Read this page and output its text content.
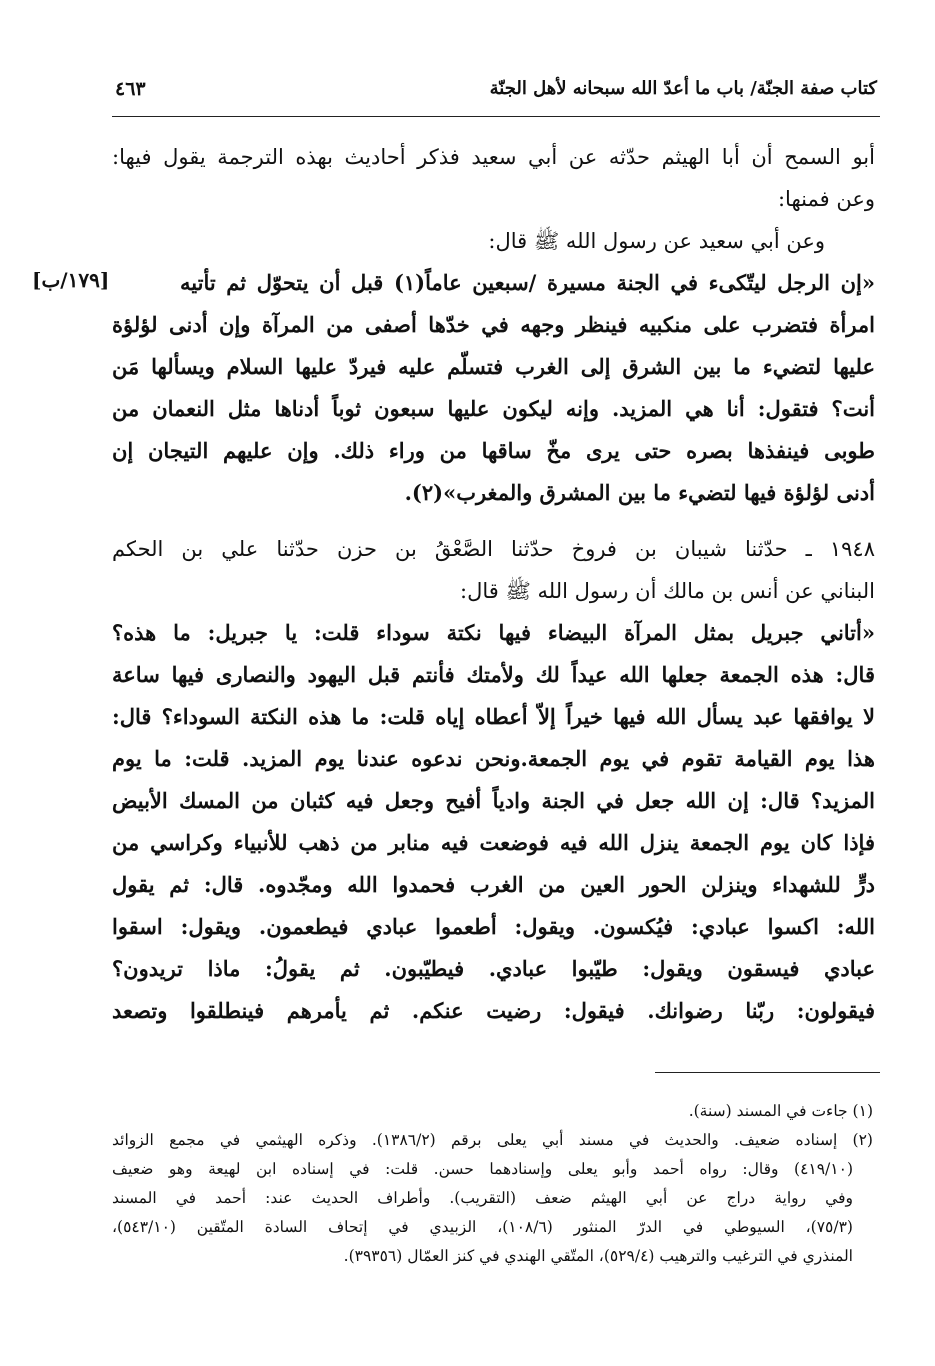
كتاب صفة الجنّة/ باب ما أعدّ الله سبحانه لأهل الجنّة
٤٦٣
[١٧٩/ب]
أبو السمح أن أبا الهيثم حدّثه عن أبي سعيد فذكر أحاديث بهذه الترجمة يقول فيها:
وعن فمنها:
وعن أبي سعيد عن رسول الله ﷺ قال:
«إن الرجل ليتّكىء في الجنة مسيرة /سبعين عاماً(١) قبل أن يتحوّل ثم تأتيه
امرأة فتضرب على منكبيه فينظر وجهه في خدّها أصفى من المرآة وإن أدنى لؤلؤة
عليها لتضيء ما بين الشرق إلى الغرب فتسلّم عليه فيردّ عليها السلام ويسألها مَن
أنت؟ فتقول: أنا هي المزيد. وإنه ليكون عليها سبعون ثوباً أدناها مثل النعمان من
طوبى فينفذها بصره حتى يرى مخّ ساقها من وراء ذلك. وإن عليهم التيجان إن
أدنى لؤلؤة فيها لتضيء ما بين المشرق والمغرب»(٢).
١٩٤٨ ـ حدّثنا شيبان بن فروخ حدّثنا الصَّعْقُ بن حزن حدّثنا علي بن الحكم
البناني عن أنس بن مالك أن رسول الله ﷺ قال:
«أتاني جبريل بمثل المرآة البيضاء فيها نكتة سوداء قلت: يا جبريل: ما هذه؟
قال: هذه الجمعة جعلها الله عيداً لك ولأمتك فأنتم قبل اليهود والنصارى فيها ساعة
لا يوافقها عبد يسأل الله فيها خيراً إلاّ أعطاه إياه قلت: ما هذه النكتة السوداء؟ قال:
هذا يوم القيامة تقوم في يوم الجمعة.ونحن ندعوه عندنا يوم المزيد. قلت: ما يوم
المزيد؟ قال: إن الله جعل في الجنة وادياً أفيح وجعل فيه كثبان من المسك الأبيض
فإذا كان يوم الجمعة ينزل الله فيه فوضعت فيه منابر من ذهب للأنبياء وكراسي من
درٍّ للشهداء وينزلن الحور العين من الغرب فحمدوا الله ومجّدوه. قال: ثم يقول
الله: اكسوا عبادي: فيُكسون. ويقول: أطعموا عبادي فيطعمون. ويقول: اسقوا
عبادي فيسقون ويقول: طيّبوا عبادي. فيطيّبون. ثم يقولُ: ماذا تريدون؟
فيقولون: ربّنا رضوانك. فيقول: رضيت عنكم. ثم يأمرهم فينطلقوا وتصعد
(١) جاءت في المسند (سنة).
(٢) إسناده ضعيف. والحديث في مسند أبي يعلى برقم (١٣٨٦/٢). وذكره الهيثمي في مجمع الزوائد
(٤١٩/١٠) وقال: رواه أحمد وأبو يعلى وإسنادهما حسن. قلت: في إسناده ابن لهيعة وهو ضعيف
وفي رواية دراج عن أبي الهيثم ضعف (التقريب). وأطراف الحديث عند: أحمد في المسند
(٧٥/٣)، السيوطي في الدرّ المنثور (١٠٨/٦)، الزبيدي في إتحاف السادة المتّقين (٥٤٣/١٠)،
المنذري في الترغيب والترهيب (٥٢٩/٤)، المتّقي الهندي في كنز العمّال (٣٩٣٥٦).
